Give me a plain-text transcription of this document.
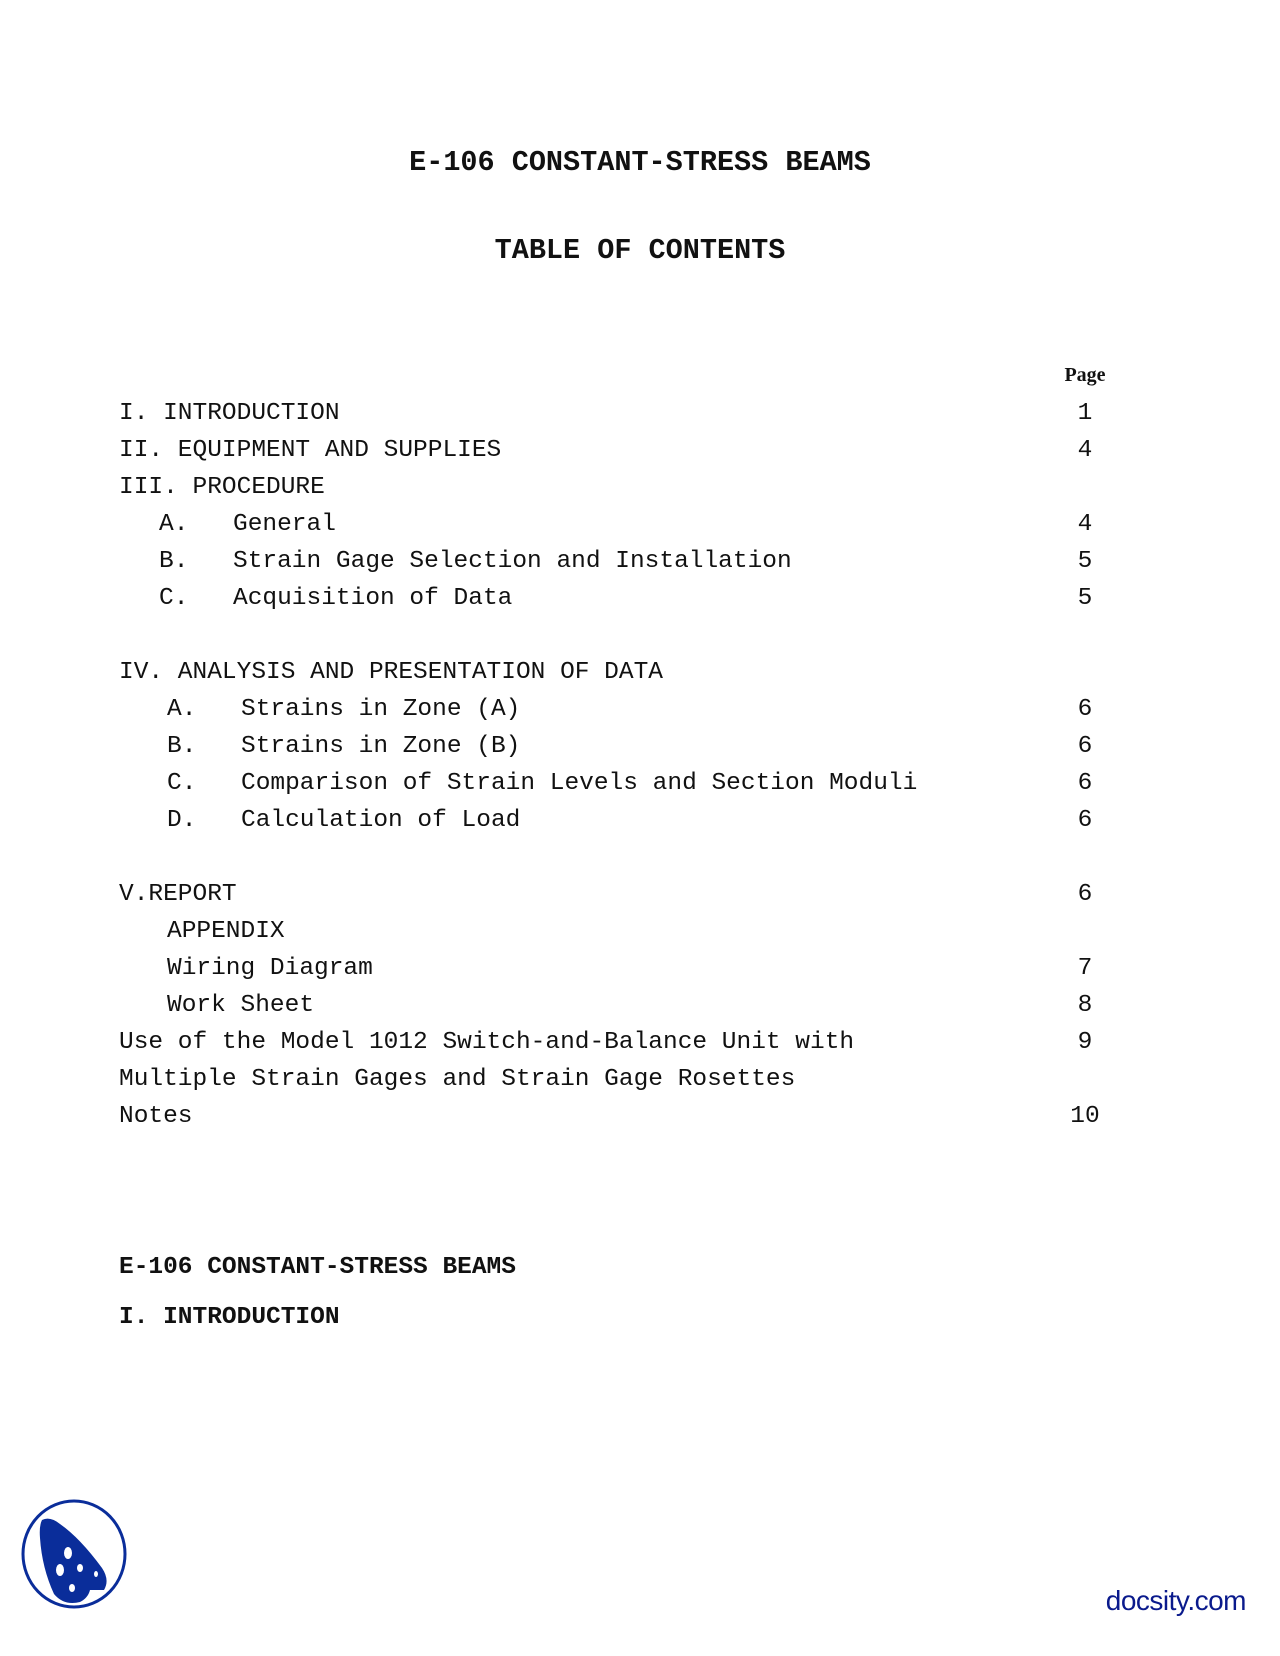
E-106 CONSTANT-STRESS BEAMS
TABLE OF CONTENTS
Page
I. INTRODUCTION	1
II. EQUIPMENT AND SUPPLIES	4
III. PROCEDURE
A. General	4
B. Strain Gage Selection and Installation	5
C. Acquisition of Data	5
IV. ANALYSIS AND PRESENTATION OF DATA
A. Strains in Zone (A)	6
B. Strains in Zone (B)	6
C. Comparison of Strain Levels and Section Moduli	6
D. Calculation of Load	6
V.REPORT	6
APPENDIX
Wiring Diagram	7
Work Sheet	8
Use of the Model 1012 Switch-and-Balance Unit with	9
Multiple Strain Gages and Strain Gage Rosettes
Notes	10
E-106 CONSTANT-STRESS BEAMS
I. INTRODUCTION
docsity.com
